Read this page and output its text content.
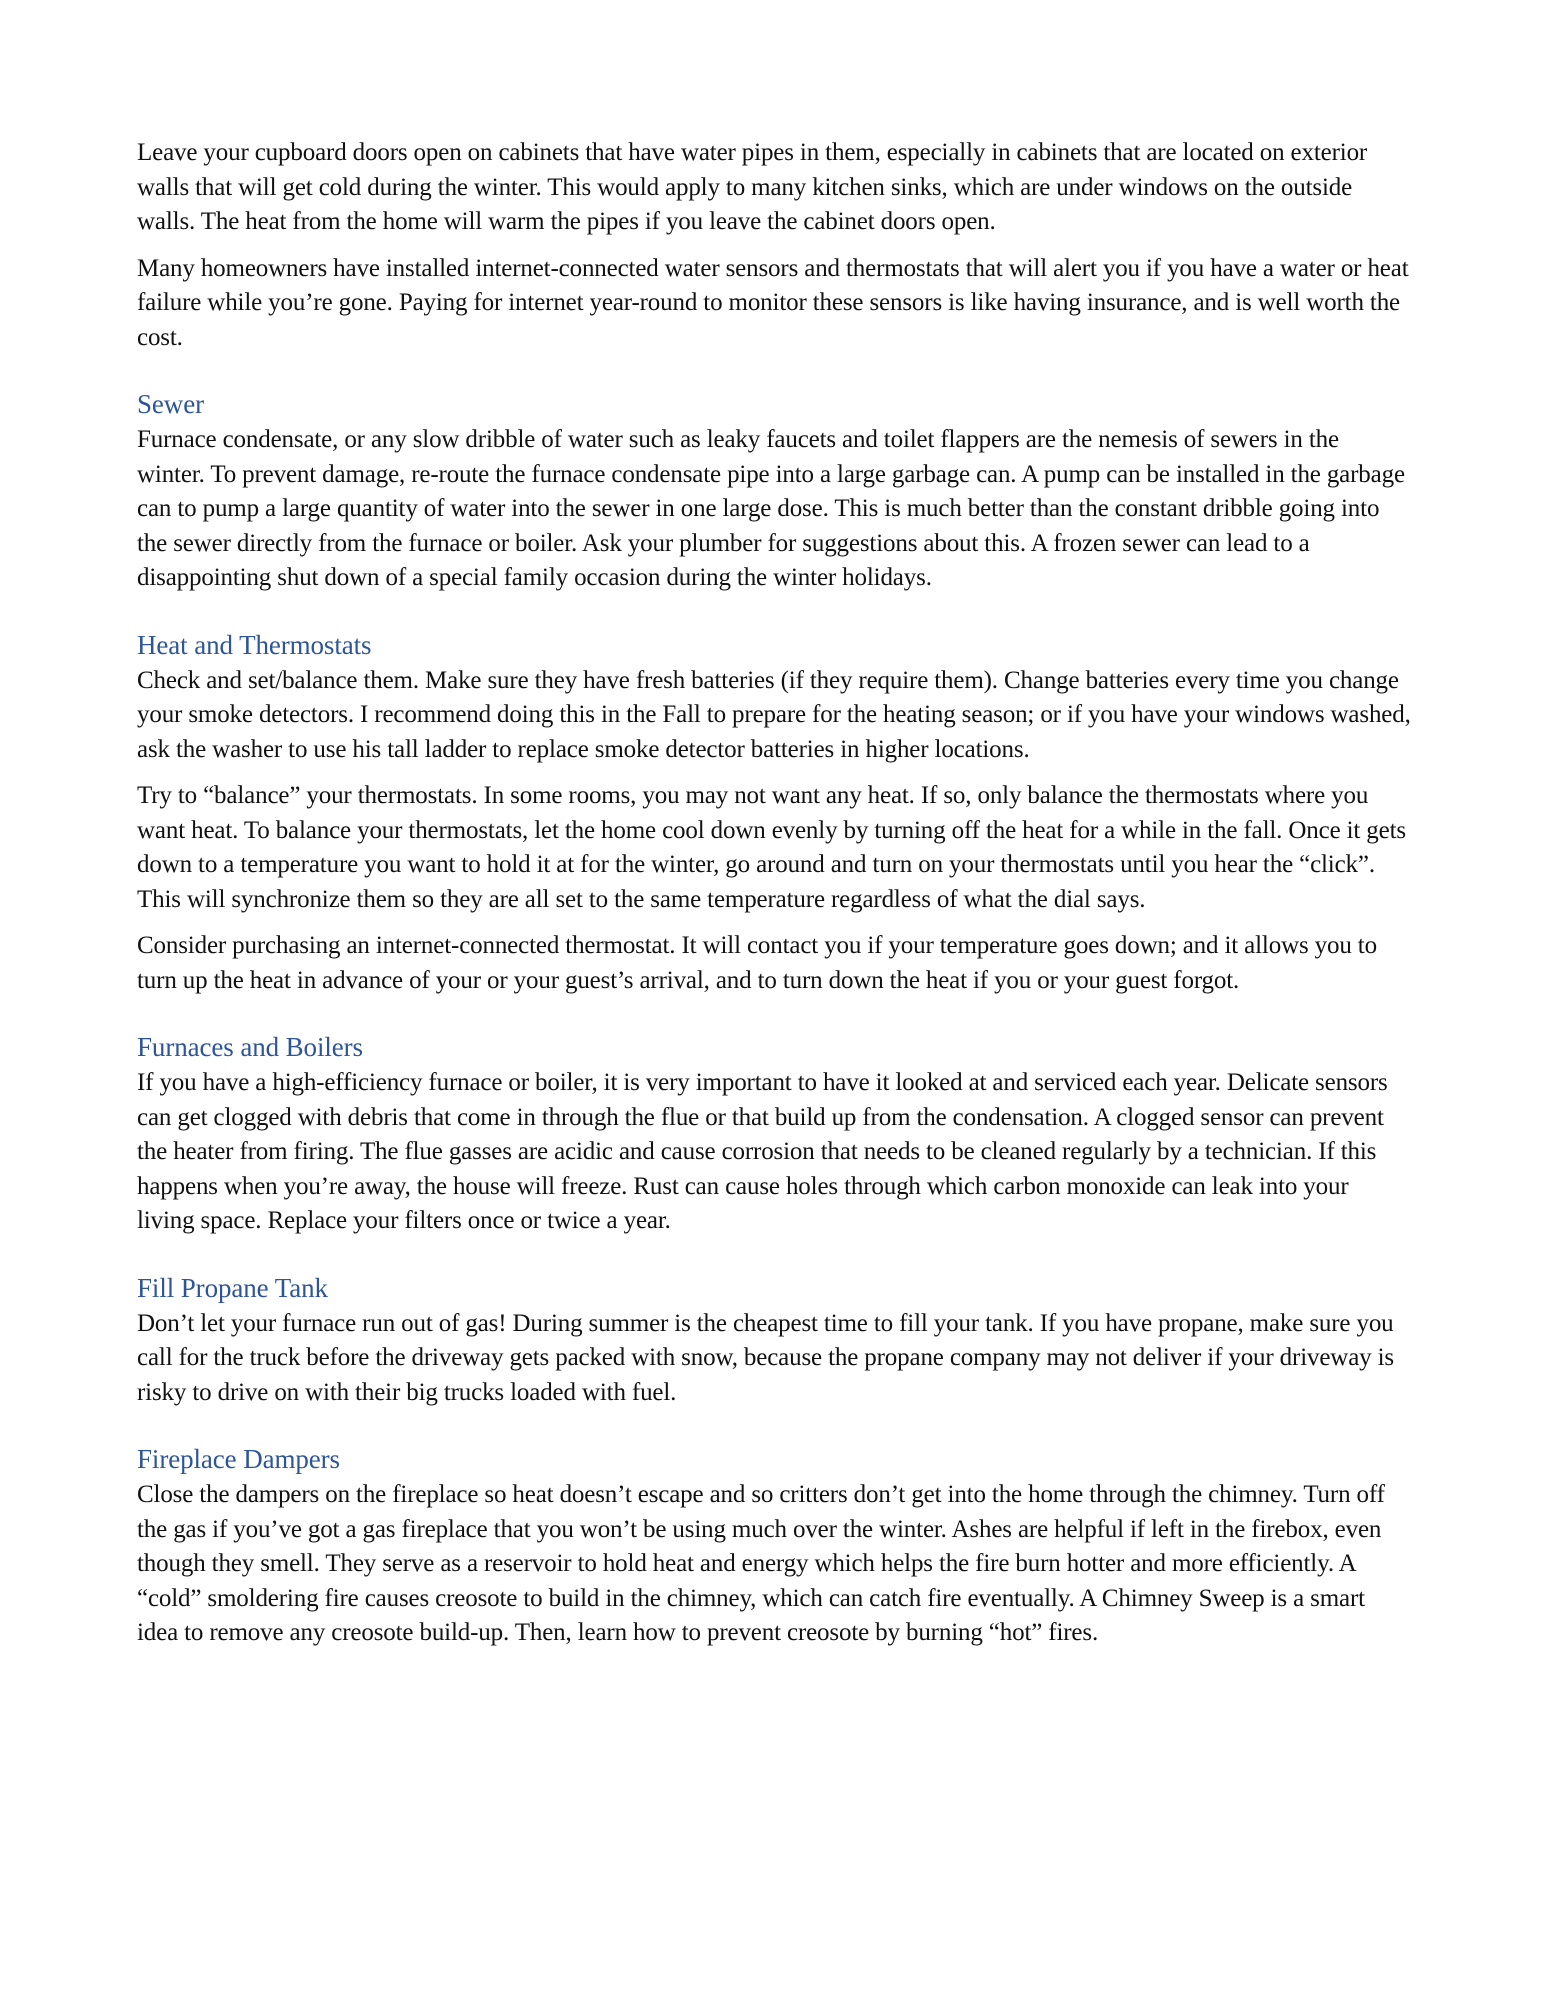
Leave your cupboard doors open on cabinets that have water pipes in them, especially in cabinets that are located on exterior walls that will get cold during the winter. This would apply to many kitchen sinks, which are under windows on the outside walls. The heat from the home will warm the pipes if you leave the cabinet doors open.

Many homeowners have installed internet-connected water sensors and thermostats that will alert you if you have a water or heat failure while you’re gone. Paying for internet year-round to monitor these sensors is like having insurance, and is well worth the cost.

Sewer

Furnace condensate, or any slow dribble of water such as leaky faucets and toilet flappers are the nemesis of sewers in the winter. To prevent damage, re-route the furnace condensate pipe into a large garbage can. A pump can be installed in the garbage can to pump a large quantity of water into the sewer in one large dose. This is much better than the constant dribble going into the sewer directly from the furnace or boiler. Ask your plumber for suggestions about this. A frozen sewer can lead to a disappointing shut down of a special family occasion during the winter holidays.

Heat and Thermostats

Check and set/balance them. Make sure they have fresh batteries (if they require them). Change batteries every time you change your smoke detectors. I recommend doing this in the Fall to prepare for the heating season; or if you have your windows washed, ask the washer to use his tall ladder to replace smoke detector batteries in higher locations.

Try to “balance” your thermostats. In some rooms, you may not want any heat. If so, only balance the thermostats where you want heat. To balance your thermostats, let the home cool down evenly by turning off the heat for a while in the fall. Once it gets down to a temperature you want to hold it at for the winter, go around and turn on your thermostats until you hear the “click”. This will synchronize them so they are all set to the same temperature regardless of what the dial says.

Consider purchasing an internet-connected thermostat. It will contact you if your temperature goes down; and it allows you to turn up the heat in advance of your or your guest’s arrival, and to turn down the heat if you or your guest forgot.

Furnaces and Boilers

If you have a high-efficiency furnace or boiler, it is very important to have it looked at and serviced each year. Delicate sensors can get clogged with debris that come in through the flue or that build up from the condensation. A clogged sensor can prevent the heater from firing. The flue gasses are acidic and cause corrosion that needs to be cleaned regularly by a technician. If this happens when you’re away, the house will freeze. Rust can cause holes through which carbon monoxide can leak into your living space. Replace your filters once or twice a year.

Fill Propane Tank

Don’t let your furnace run out of gas! During summer is the cheapest time to fill your tank. If you have propane, make sure you call for the truck before the driveway gets packed with snow, because the propane company may not deliver if your driveway is risky to drive on with their big trucks loaded with fuel.

Fireplace Dampers

Close the dampers on the fireplace so heat doesn’t escape and so critters don’t get into the home through the chimney. Turn off the gas if you’ve got a gas fireplace that you won’t be using much over the winter. Ashes are helpful if left in the firebox, even though they smell. They serve as a reservoir to hold heat and energy which helps the fire burn hotter and more efficiently. A “cold” smoldering fire causes creosote to build in the chimney, which can catch fire eventually. A Chimney Sweep is a smart idea to remove any creosote build-up. Then, learn how to prevent creosote by burning “hot” fires.
